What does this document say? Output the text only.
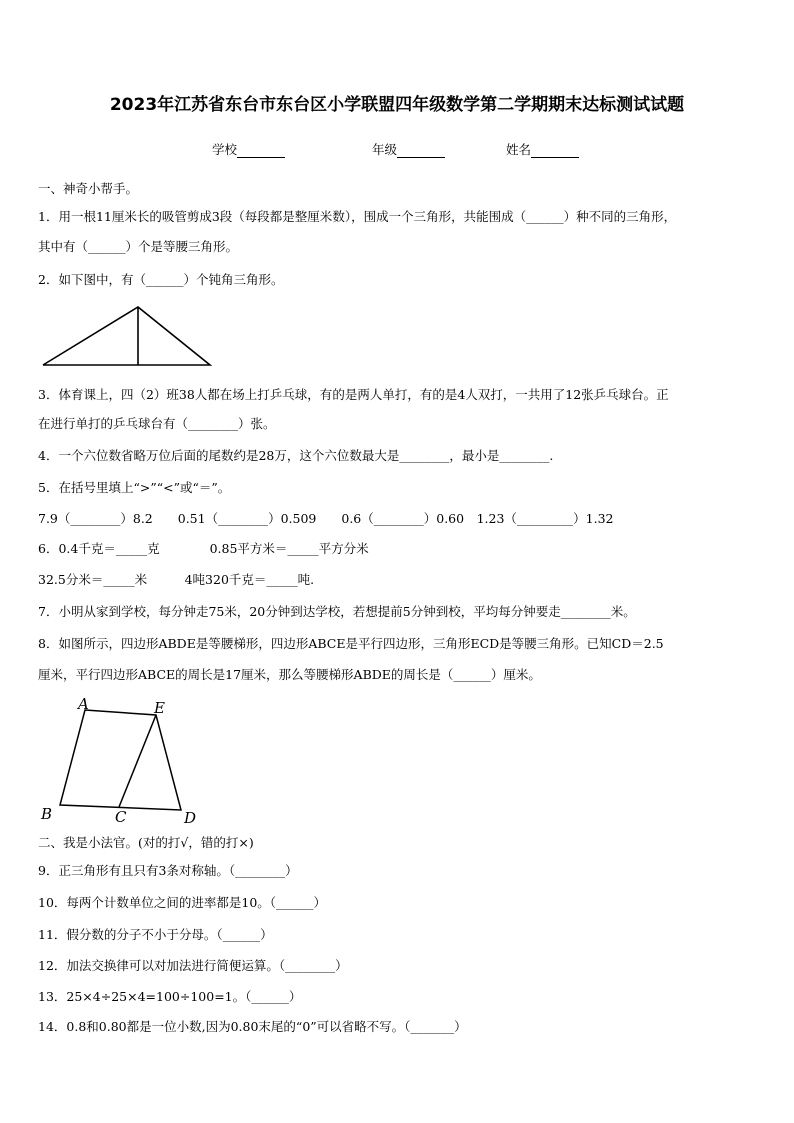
2023年江苏省东台市东台区小学联盟四年级数学第二学期期末达标测试试题
学校	年级	姓名
一、神奇小帮手。
1．用一根11厘米长的吸管剪成3段（每段都是整厘米数），围成一个三角形，共能围成（______）种不同的三角形，
其中有（______）个是等腰三角形。
2．如下图中，有（______）个钝角三角形。
3．体育课上，四（2）班38人都在场上打乒乓球，有的是两人单打，有的是4人双打，一共用了12张乒乓球台。正
在进行单打的乒乓球台有（________）张。
4．一个六位数省略万位后面的尾数约是28万，这个六位数最大是________，最小是________.
5．在括号里填上“>”“<”或“＝”。
7.9（________）8.2　　0.51（________）0.509　　0.6（________）0.60　1.23（_________）1.32
6．0.4千克＝_____克　　　　0.85平方米＝_____平方分米
32.5分米＝_____米　　　4吨320千克＝_____吨.
7．小明从家到学校，每分钟走75米，20分钟到达学校，若想提前5分钟到校，平均每分钟要走________米。
8．如图所示，四边形ABDE是等腰梯形，四边形ABCE是平行四边形，三角形ECD是等腰三角形。已知CD＝2.5
厘米，平行四边形ABCE的周长是17厘米，那么等腰梯形ABDE的周长是（______）厘米。
A	E
B	C	D
二、我是小法官。(对的打√，错的打×)
9．正三角形有且只有3条对称轴。（________）
10．每两个计数单位之间的进率都是10。（______）
11．假分数的分子不小于分母。（______）
12．加法交换律可以对加法进行简便运算。（________）
13．25×4÷25×4=100÷100=1。（______）
14．0.8和0.80都是一位小数,因为0.80末尾的“0”可以省略不写。（_______）
